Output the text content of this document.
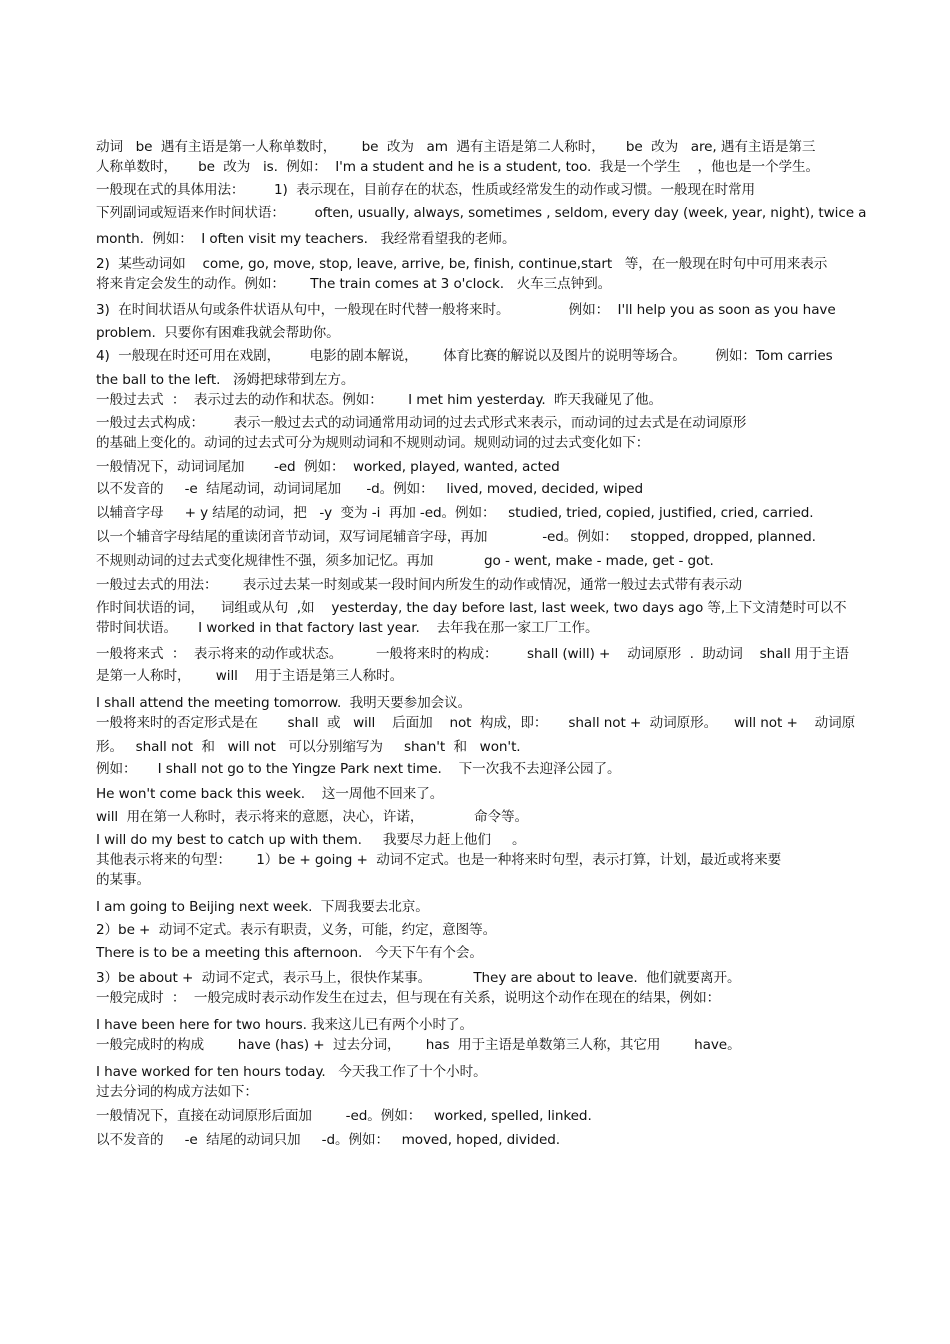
动词   be  遇有主语是第一人称单数时，      be  改为   am  遇有主语是第二人称时，     be  改为   are, 遇有主语是第三
人称单数时，     be  改为   is.  例如：  I'm a student and he is a student, too.  我是一个学生    ，他也是一个学生。
一般现在式的具体用法：       1)  表示现在，目前存在的状态，性质或经常发生的动作或习惯。一般现在时常用
下列副词或短语来作时间状语：       often, usually, always, sometimes , seldom, every day (week, year, night), twice a
month.  例如：  I often visit my teachers.   我经常看望我的老师。
2)  某些动词如    come, go, move, stop, leave, arrive, be, finish, continue,start   等，在一般现在时句中可用来表示
将来肯定会发生的动作。例如：      The train comes at 3 o'clock.   火车三点钟到。
3)  在时间状语从句或条件状语从句中，一般现在时代替一般将来时。              例如：  I'll help you as soon as you have
problem.  只要你有困难我就会帮助你。
4)  一般现在时还可用在戏剧，       电影的剧本解说，      体育比赛的解说以及图片的说明等场合。       例如：Tom carries
the ball to the left.   汤姆把球带到左方。
一般过去式  ：  表示过去的动作和状态。例如：      I met him yesterday.  昨天我碰见了他。
一般过去式构成：       表示一般过去式的动词通常用动词的过去式形式来表示，而动词的过去式是在动词原形
的基础上变化的。动词的过去式可分为规则动词和不规则动词。规则动词的过去式变化如下：
一般情况下，动词词尾加       -ed  例如：  worked, played, wanted, acted
以不发音的     -e  结尾动词，动词词尾加      -d。例如：   lived, moved, decided, wiped
以辅音字母     + y 结尾的动词，把   -y  变为 -i  再加 -ed。例如：   studied, tried, copied, justified, cried, carried.
以一个辅音字母结尾的重读闭音节动词，双写词尾辅音字母，再加             -ed。例如：   stopped, dropped, planned.
不规则动词的过去式变化规律性不强，须多加记忆。再加            go - went, make - made, get - got.
一般过去式的用法：      表示过去某一时刻或某一段时间内所发生的动作或情况，通常一般过去式带有表示动
作时间状语的词，    词组或从句  ,如    yesterday, the day before last, last week, two days ago 等,上下文清楚时可以不
带时间状语。     I worked in that factory last year.    去年我在那一家工厂工作。
一般将来式  ：  表示将来的动作或状态。        一般将来时的构成：       shall (will) +    动词原形  .  助动词    shall 用于主语
是第一人称时，      will    用于主语是第三人称时。
I shall attend the meeting tomorrow.  我明天要参加会议。
一般将来时的否定形式是在       shall  或   will    后面加    not  构成，即：     shall not +  动词原形。    will not +    动词原
形。   shall not  和   will not   可以分别缩写为     shan't  和   won't.
例如：     I shall not go to the Yingze Park next time.    下一次我不去迎泽公园了。
He won't come back this week.    这一周他不回来了。
will  用在第一人称时，表示将来的意愿，决心，许诺，            命令等。
I will do my best to catch up with them.     我要尽力赶上他们     。
其他表示将来的句型：      1）be + going +  动词不定式。也是一种将来时句型，表示打算，计划，最近或将来要
的某事。
I am going to Beijing next week.  下周我要去北京。
2）be +  动词不定式。表示有职责，义务，可能，约定，意图等。
There is to be a meeting this afternoon.   今天下午有个会。
3）be about +  动词不定式，表示马上，很快作某事。          They are about to leave.  他们就要离开。
一般完成时  ：  一般完成时表示动作发生在过去，但与现在有关系，说明这个动作在现在的结果，例如：
I have been here for two hours. 我来这儿已有两个小时了。
一般完成时的构成        have (has) +  过去分词，      has  用于主语是单数第三人称，其它用        have。
I have worked for ten hours today.   今天我工作了十个小时。
过去分词的构成方法如下：
一般情况下，直接在动词原形后面加        -ed。例如：   worked, spelled, linked.
以不发音的     -e  结尾的动词只加     -d。例如：   moved, hoped, divided.
